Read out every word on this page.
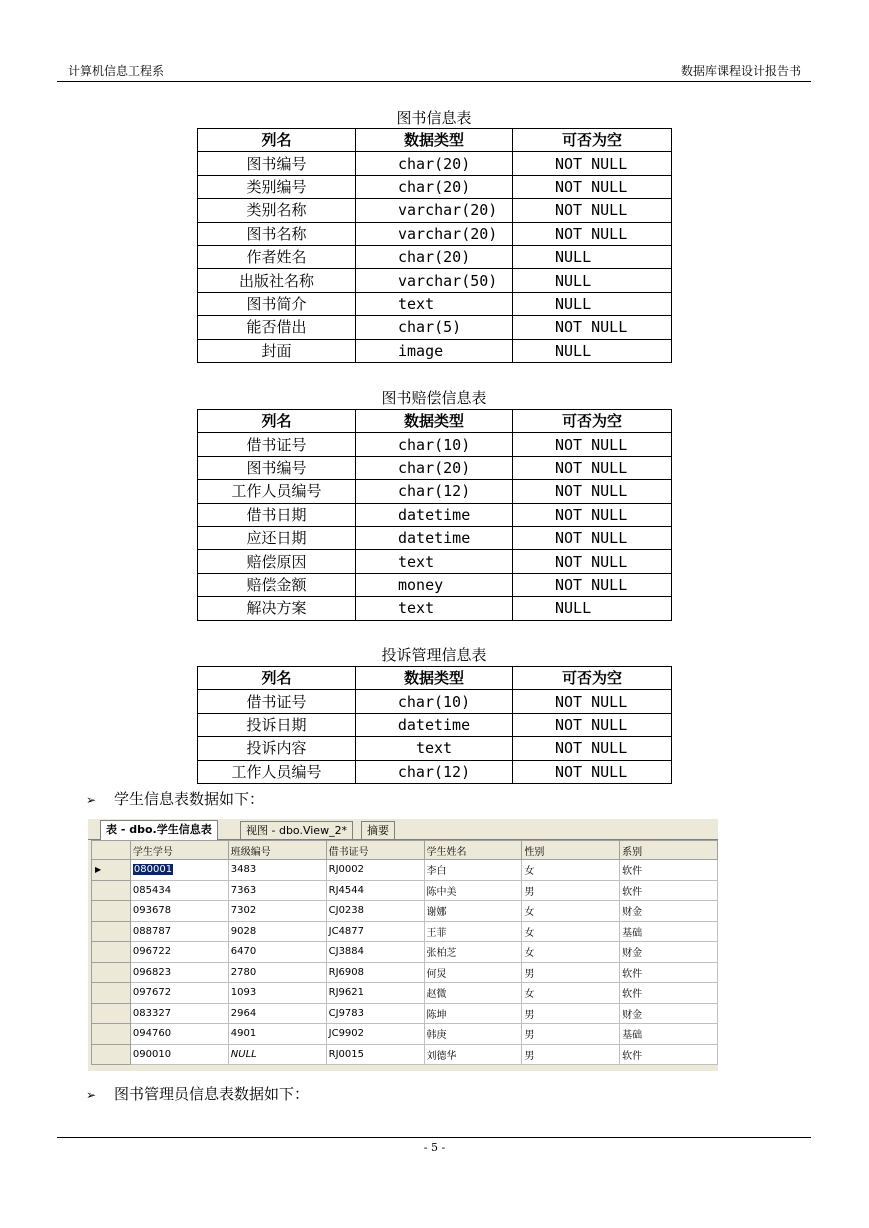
计算机信息工程系	数据库课程设计报告书
图书信息表
列名	数据类型	可否为空
图书编号	char(20)	NOT NULL
类别编号	char(20)	NOT NULL
类别名称	varchar(20)	NOT NULL
图书名称	varchar(20)	NOT NULL
作者姓名	char(20)	NULL
出版社名称	varchar(50)	NULL
图书简介	text	NULL
能否借出	char(5)	NOT NULL
封面	image	NULL
图书赔偿信息表
列名	数据类型	可否为空
借书证号	char(10)	NOT NULL
图书编号	char(20)	NOT NULL
工作人员编号	char(12)	NOT NULL
借书日期	datetime	NOT NULL
应还日期	datetime	NOT NULL
赔偿原因	text	NOT NULL
赔偿金额	money	NOT NULL
解决方案	text	NULL
投诉管理信息表
列名	数据类型	可否为空
借书证号	char(10)	NOT NULL
投诉日期	datetime	NOT NULL
投诉内容	text	NOT NULL
工作人员编号	char(12)	NOT NULL
➢ 学生信息表数据如下：
表 - dbo.学生信息表	视图 - dbo.View_2*	摘要
	学生学号	班级编号	借书证号	学生姓名	性别	系别
▶	080001	3483	RJ0002	李白	女	软件
	085434	7363	RJ4544	陈中美	男	软件
	093678	7302	CJ0238	谢娜	女	财金
	088787	9028	JC4877	王菲	女	基础
	096722	6470	CJ3884	张柏芝	女	财金
	096823	2780	RJ6908	何炅	男	软件
	097672	1093	RJ9621	赵微	女	软件
	083327	2964	CJ9783	陈坤	男	财金
	094760	4901	JC9902	韩庚	男	基础
	090010	NULL	RJ0015	刘德华	男	软件
➢ 图书管理员信息表数据如下：
- 5 -
